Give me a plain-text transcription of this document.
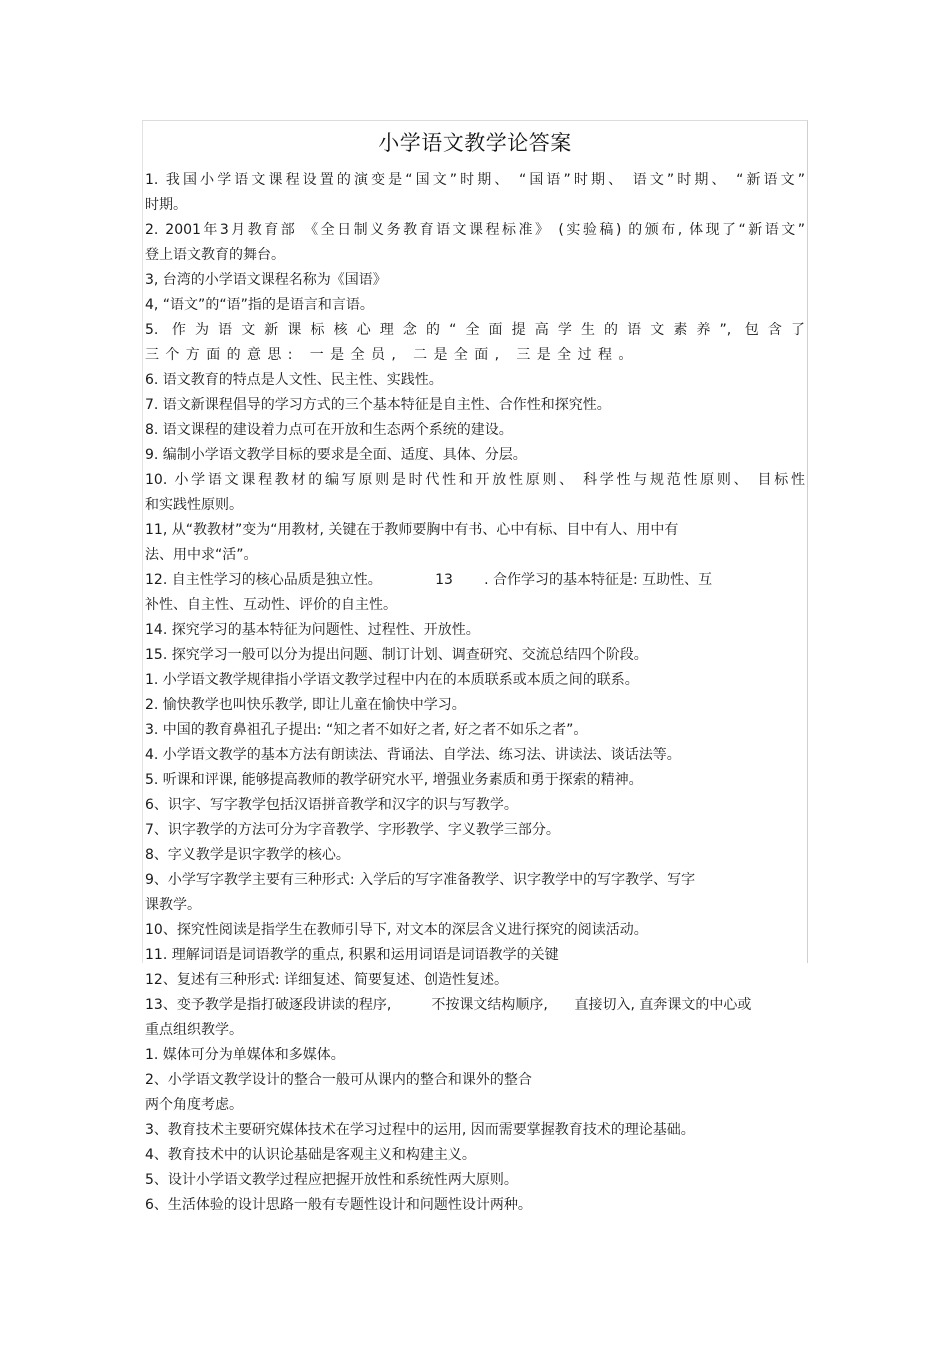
小学语文教学论答案
1. 我国小学语文课程设置的演变是“国文”时期、 “国语”时期、 语文”时期、 “新语文”
时期。
2. 2001年3月教育部 《全日制义务教育语文课程标准》 (实验稿) 的颁布, 体现了“新语文”
登上语文教育的舞台。
3, 台湾的小学语文课程名称为《国语》
4, “语文”的“语”指的是语言和言语。
5. 作为语文新课标核心理念的“全面提高学生的语文素养”, 包含了
三个方面的意思: 一是全员, 二是全面, 三是全过程。
6. 语文教育的特点是人文性、民主性、实践性。
7. 语文新课程倡导的学习方式的三个基本特征是自主性、合作性和探究性。
8. 语文课程的建设着力点可在开放和生态两个系统的建设。
9. 编制小学语文教学目标的要求是全面、适度、具体、分层。
10. 小学语文课程教材的编写原则是时代性和开放性原则、 科学性与规范性原则、 目标性
和实践性原则。
11, 从“教教材”变为“用教材, 关键在于教师要胸中有书、心中有标、目中有人、用中有
法、用中求“活”。
12. 自主性学习的核心品质是独立性。            13       . 合作学习的基本特征是: 互助性、互
补性、自主性、互动性、评价的自主性。
14. 探究学习的基本特征为问题性、过程性、开放性。
15. 探究学习一般可以分为提出问题、制订计划、调查研究、交流总结四个阶段。
1. 小学语文教学规律指小学语文教学过程中内在的本质联系或本质之间的联系。
2. 愉快教学也叫快乐教学, 即让儿童在愉快中学习。
3. 中国的教育鼻祖孔子提出: “知之者不如好之者, 好之者不如乐之者”。
4. 小学语文教学的基本方法有朗读法、背诵法、自学法、练习法、讲读法、谈话法等。
5. 听课和评课, 能够提高教师的教学研究水平, 增强业务素质和勇于探索的精神。
6、识字、写字教学包括汉语拼音教学和汉字的识与写教学。
7、识字教学的方法可分为字音教学、字形教学、字义教学三部分。
8、字义教学是识字教学的核心。
9、小学写字教学主要有三种形式: 入学后的写字准备教学、识字教学中的写字教学、写字
课教学。
10、探究性阅读是指学生在教师引导下, 对文本的深层含义进行探究的阅读活动。
11. 理解词语是词语教学的重点, 积累和运用词语是词语教学的关键
12、复述有三种形式: 详细复述、简要复述、创造性复述。
13、变予教学是指打破逐段讲读的程序,         不按课文结构顺序,      直接切入, 直奔课文的中心或
重点组织教学。
1. 媒体可分为单媒体和多媒体。
2、小学语文教学设计的整合一般可从课内的整合和课外的整合
两个角度考虑。
3、教育技术主要研究媒体技术在学习过程中的运用, 因而需要掌握教育技术的理论基础。
4、教育技术中的认识论基础是客观主义和构建主义。
5、设计小学语文教学过程应把握开放性和系统性两大原则。
6、生活体验的设计思路一般有专题性设计和问题性设计两种。
